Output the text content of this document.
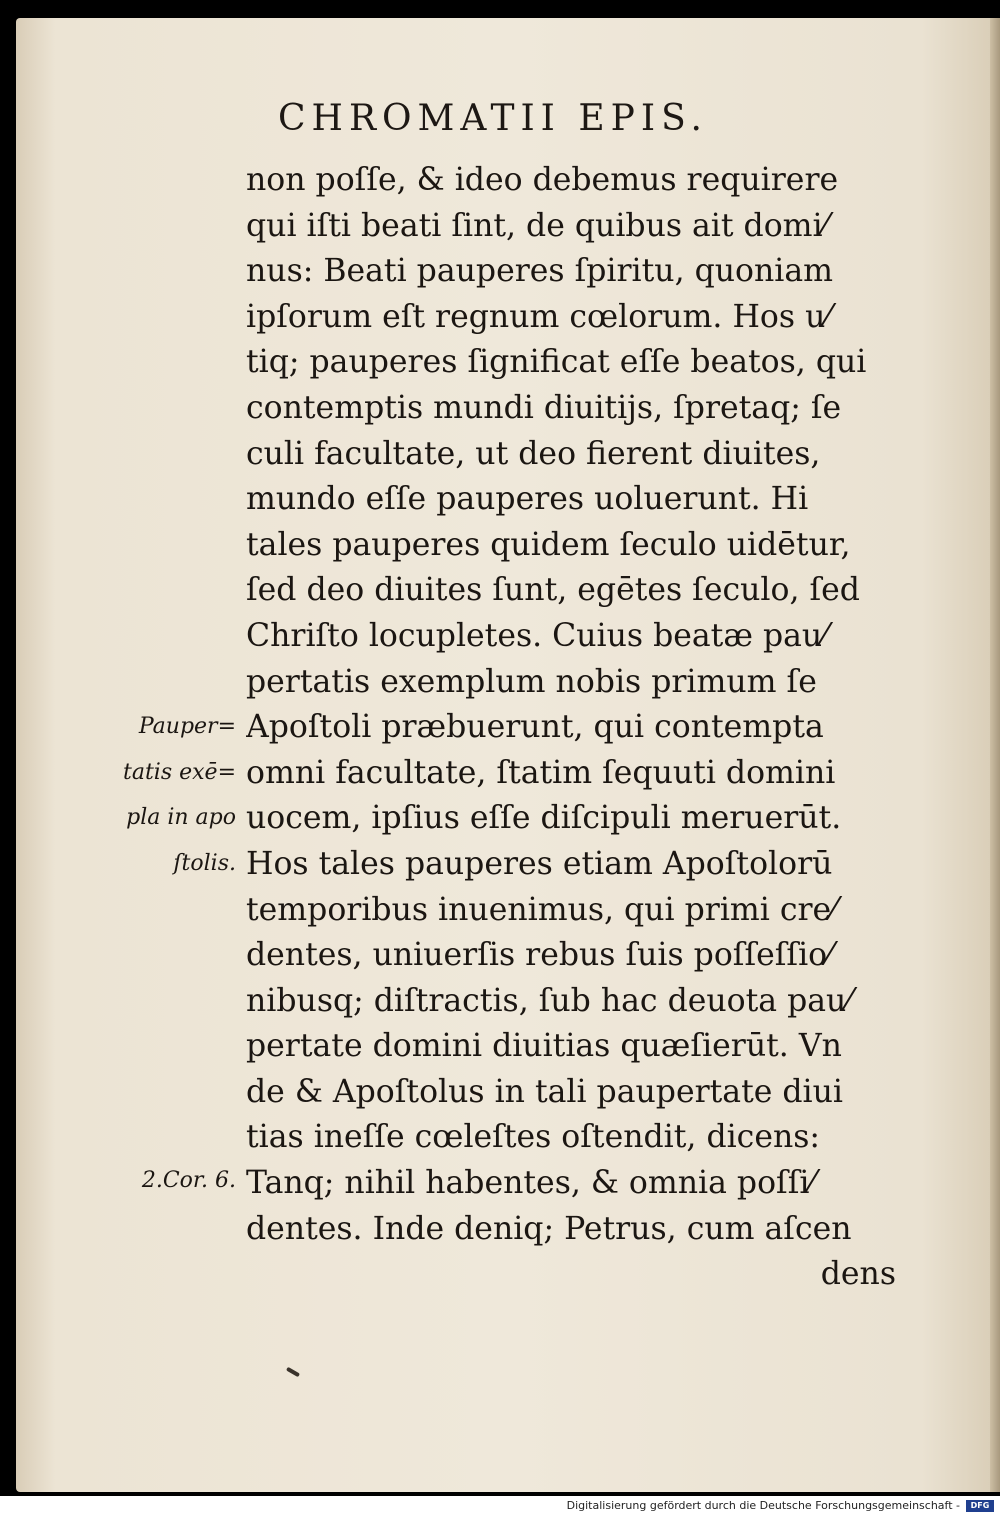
CHROMATII EPIS.
non poſſe, & ideo debemus requirere
qui iſti beati ſint, de quibus ait domi⁄
nus: Beati pauperes ſpiritu, quoniam
ipſorum eſt regnum cœlorum. Hos u⁄
tiq; pauperes ſignificat eſſe beatos, qui
contemptis mundi diuitijs, ſpretaq; ſe
culi facultate, ut deo fierent diuites,
mundo eſſe pauperes uoluerunt. Hi
tales pauperes quidem ſeculo uidētur,
ſed deo diuites ſunt, egētes ſeculo, ſed
Chriſto locupletes. Cuius beatæ pau⁄
pertatis exemplum nobis primum ſe
Apoſtoli præbuerunt, qui contempta
omni facultate, ſtatim ſequuti domini
uocem, ipſius eſſe diſcipuli meruerūt.
Hos tales pauperes etiam Apoſtolorū
temporibus inuenimus, qui primi cre⁄
dentes, uniuerſis rebus ſuis poſſeſſio⁄
nibusq; diſtractis, ſub hac deuota pau⁄
pertate domini diuitias quæſierūt. Vn
de & Apoſtolus in tali paupertate diui
tias ineſſe cœleſtes oſtendit, dicens:
Tanq; nihil habentes, & omnia poſſi⁄
dentes. Inde deniq; Petrus, cum aſcen
dens
Pauper=
tatis exē=
pla in apo
ſtolis.
2.Cor. 6.
Digitalisierung gefördert durch die Deutsche Forschungsgemeinschaft -	DFG
